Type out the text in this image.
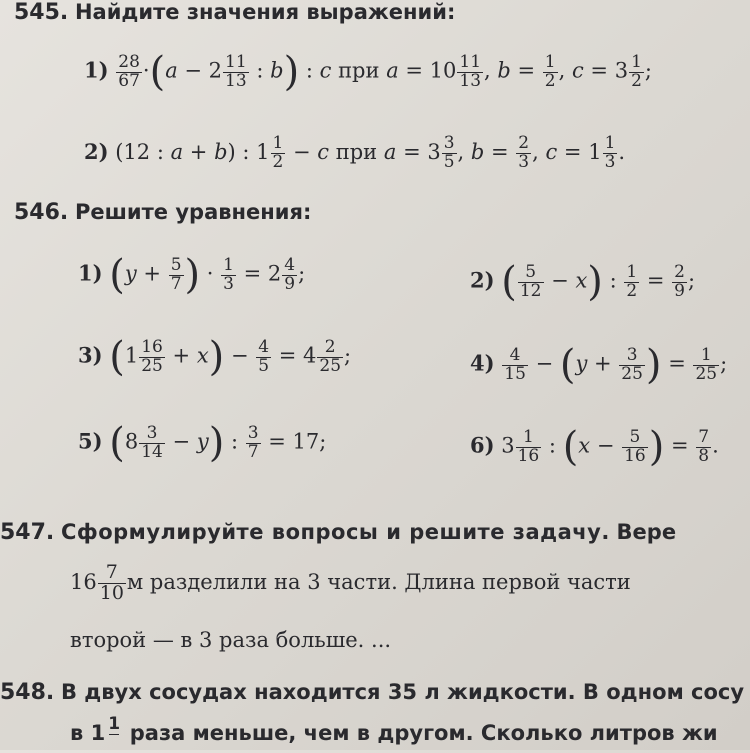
545. Найдите значения выражений:
$1) \frac{28}{67} \cdot(a - 2 \frac{11}{13}$ : b) : c при $a = 10 \frac{11}{13}$ , $b = \frac{1}{2}$ , $c = 3 \frac{1}{2}$ ;
2) (12 : a + b) : $1 \frac{1}{2} - c$ при $a = 3 \frac{3}{5}$ , $b = \frac{2}{3}$ , $c = 1 \frac{1}{3}$ .
546. Решите уравнения:
1) ($y + \frac{5}{7}$ ) · $\frac{1}{3} = 2 \frac{4}{9}$ ;	2) ( $\frac{5}{12} - x$) : $\frac{1}{2} = \frac{2}{9}$ ;
3) $(1 \frac{16}{25} + x) - \frac{4}{5} = 4 \frac{2}{25}$ ;	$4) \frac{4}{15} - (y + \frac{3}{25}$ ) = $\frac{1}{25}$ ;
5) $(8 \frac{3}{14} - y)$ : $\frac{3}{7} = 17$;	6) $3 \frac{1}{16}$ : ($x - \frac{5}{16}$ ) = $\frac{7}{8}$ .
547. Сформулируйте вопросы и решите задачу. Вере
$16 \frac{7}{10}$ м разделили на 3 части. Длина первой части
второй — в 3 раза больше. ...
548. В двух сосудах находится 35 л жидкости. В одном сосу
в 1 1
раза меньше, чем в другом. Сколько литров жи
